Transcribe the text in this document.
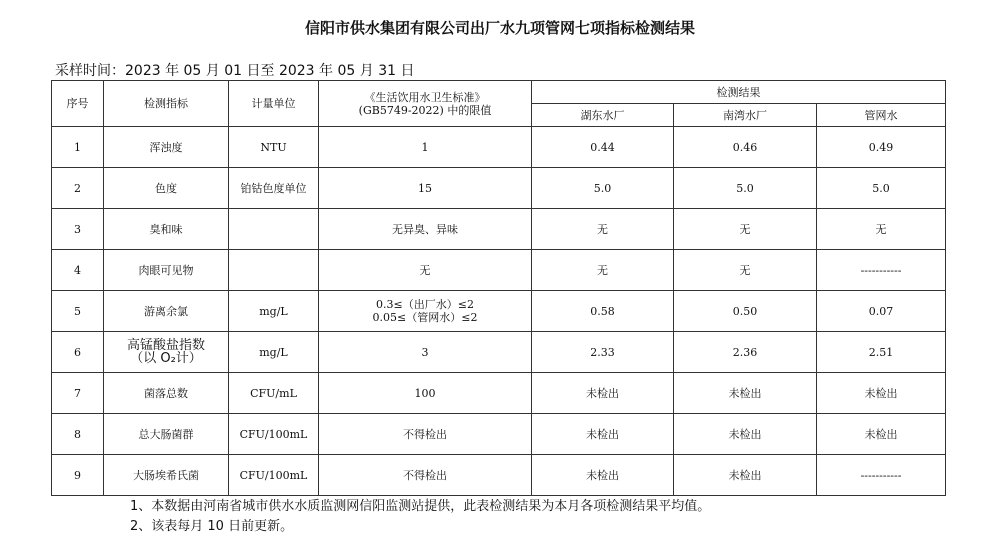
信阳市供水集团有限公司出厂水九项管网七项指标检测结果
采样时间：2023 年 05 月 01 日至 2023 年 05 月 31 日
序号	检测指标	计量单位	《生活饮用水卫生标准》
(GB5749-2022) 中的限值	检测结果		
				湖东水厂	南湾水厂	管网水

1	浑浊度	NTU	1	0.44	0.46	0.49

2	色度	铂钴色度单位	15	5.0	5.0	5.0

3	臭和味		无异臭、异味	无	无	无

4	肉眼可见物		无	无	无	-----------

5	游离余氯	mg/L	0.3≤（出厂水）≤2
0.05≤（管网水）≤2	0.58	0.50	0.07

6	高锰酸盐指数
（以 O₂计）	mg/L	3	2.33	2.36	2.51

7	菌落总数	CFU/mL	100	未检出	未检出	未检出

8	总大肠菌群	CFU/100mL	不得检出	未检出	未检出	未检出

9	大肠埃希氏菌	CFU/100mL	不得检出	未检出	未检出	-----------
1、本数据由河南省城市供水水质监测网信阳监测站提供，此表检测结果为本月各项检测结果平均值。
2、该表每月 10 日前更新。
